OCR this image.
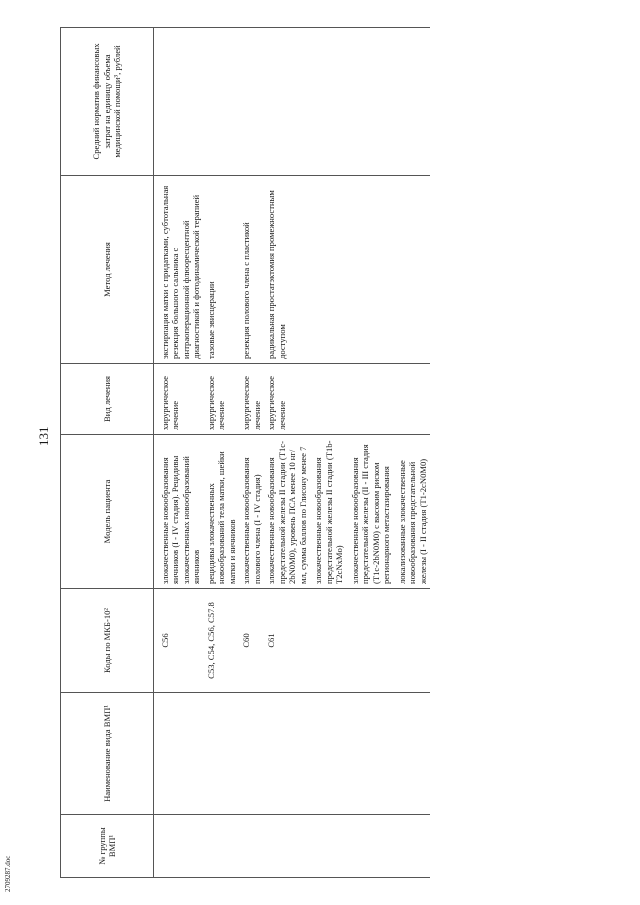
131
№ группы ВМП¹	Наименование вида ВМП¹	Коды по МКБ-10²	Модель пациента	Вид лечения	Метод лечения	Средний норматив финансовых затрат на единицу объема медицинской помощи³, рублей
		C56	злокачественные новообразования яичников (I - IV стадия). Рецидивы злокачественных новообразований яичников	хирургическое лечение	экстирпация матки с придатками, субтотальная резекция большого сальника с интраоперационной флюоресцентной диагностикой и фотодинамической терапией	
		C53, C54, C56, C57.8	рецидивы злокачественных новообразований тела матки, шейки матки и яичников	хирургическое лечение	тазовые эвисцерации	
		C60	злокачественные новообразования полового члена (I - IV стадия)	хирургическое лечение	резекция полового члена с пластикой	
		C61	злокачественные новообразования предстательной железы II стадии (T1c-2bN0M0), уровень ПСА менее 10 нг/мл, сумма баллов по Глисону менее 7 злокачественные новообразования предстательной железы II стадии (T1b-T2cNxMo) злокачественные новообразования предстательной железы (II - III стадия (T1c-2bN0M0) с высоким риском регионарного метастазирования локализованные злокачественные новообразования предстательной железы (I - II стадия (T1-2cN0M0)	хирургическое лечение	радикальная простатэктомия промежностным доступом	
2709287.doc
